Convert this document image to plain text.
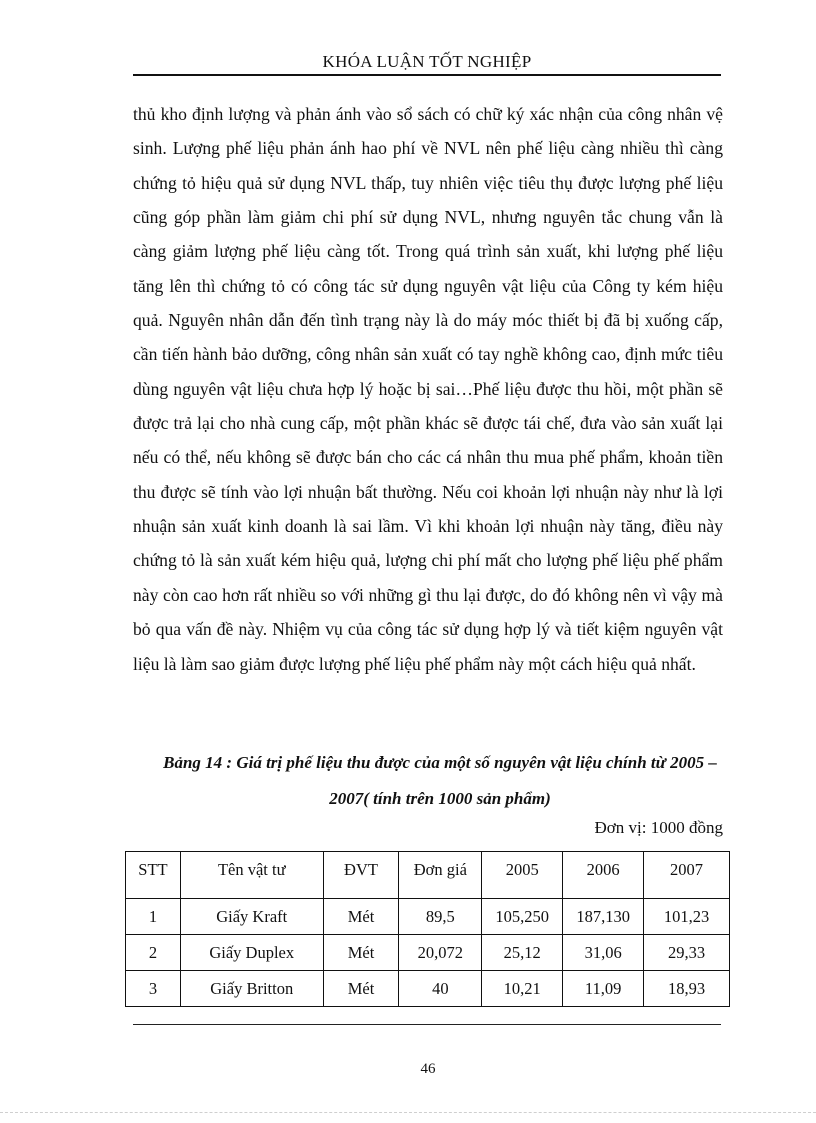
KHÓA LUẬN TỐT NGHIỆP

thủ kho định lượng và phản ánh vào sổ sách có chữ ký xác nhận của công nhân vệ sinh. Lượng phế liệu phản ánh hao phí về NVL nên phế liệu càng nhiều thì càng chứng tỏ hiệu quả sử dụng NVL thấp, tuy nhiên việc tiêu thụ được lượng phế liệu cũng góp phần làm giảm chi phí sử dụng NVL, nhưng nguyên tắc chung vẫn là càng giảm lượng phế liệu càng tốt. Trong quá trình sản xuất, khi lượng phế liệu tăng lên thì chứng tỏ có công tác sử dụng nguyên vật liệu của Công ty kém hiệu quả. Nguyên nhân dẫn đến tình trạng này là do máy móc thiết bị đã bị xuống cấp, cần tiến hành bảo dưỡng, công nhân sản xuất có tay nghề không cao, định mức tiêu dùng nguyên vật liệu chưa hợp lý hoặc bị sai…Phế liệu được thu hồi, một phần sẽ được trả lại cho nhà cung cấp, một phần khác sẽ được tái chế, đưa vào sản xuất lại nếu có thể, nếu không sẽ được bán cho các cá nhân thu mua phế phẩm, khoản tiền thu được sẽ tính vào lợi nhuận bất thường. Nếu coi khoản lợi nhuận này như là lợi nhuận sản xuất kinh doanh là sai lầm. Vì khi khoản lợi nhuận này tăng, điều này chứng tỏ là sản xuất kém hiệu quả, lượng chi phí mất cho lượng phế liệu phế phẩm này còn cao hơn rất nhiều so với những gì thu lại được, do đó không nên vì vậy mà bỏ qua vấn đề này. Nhiệm vụ của công tác sử dụng hợp lý và tiết kiệm nguyên vật liệu là làm sao giảm được lượng phế liệu phế phẩm này một cách hiệu quả nhất.

Bảng 14 : Giá trị phế liệu thu được của một số nguyên vật liệu chính từ 2005 – 2007( tính trên 1000 sản phẩm)

Đơn vị: 1000 đồng
STT	Tên vật tư	ĐVT	Đơn giá	2005	2006	2007
1	Giấy Kraft	Mét	89,5	105,250	187,130	101,23
2	Giấy Duplex	Mét	20,072	25,12	31,06	29,33
3	Giấy Britton	Mét	40	10,21	11,09	18,93
46
